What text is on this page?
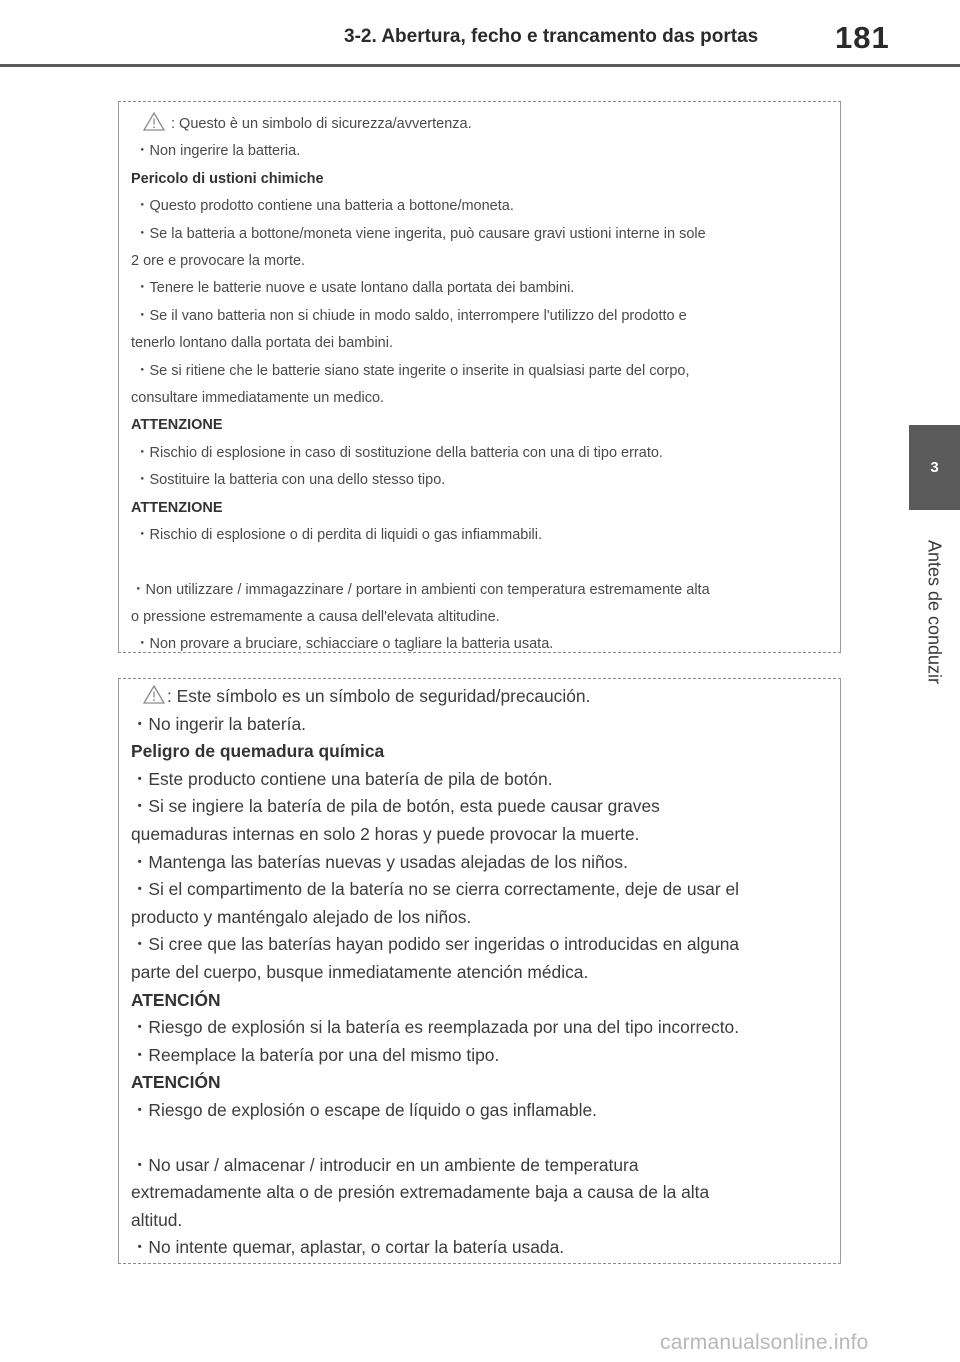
3-2. Abertura, fecho e trancamento das portas 181
3
Antes de conduzir
: Questo è un simbolo di sicurezza/avvertenza.
・Non ingerire la batteria.
Pericolo di ustioni chimiche
・Questo prodotto contiene una batteria a bottone/moneta.
・Se la batteria a bottone/moneta viene ingerita, può causare gravi ustioni interne in sole
2 ore e provocare la morte.
・Tenere le batterie nuove e usate lontano dalla portata dei bambini.
・Se il vano batteria non si chiude in modo saldo, interrompere l'utilizzo del prodotto e
tenerlo lontano dalla portata dei bambini.
・Se si ritiene che le batterie siano state ingerite o inserite in qualsiasi parte del corpo,
consultare immediatamente un medico.
ATTENZIONE
・Rischio di esplosione in caso di sostituzione della batteria con una di tipo errato.
・Sostituire la batteria con una dello stesso tipo.
ATTENZIONE
・Rischio di esplosione o di perdita di liquidi o gas infiammabili.
・Non utilizzare / immagazzinare / portare in ambienti con temperatura estremamente alta
o pressione estremamente a causa dell'elevata altitudine.
・Non provare a bruciare, schiacciare o tagliare la batteria usata.
: Este símbolo es un símbolo de seguridad/precaución.
・No ingerir la batería.
Peligro de quemadura química
・Este producto contiene una batería de pila de botón.
・Si se ingiere la batería de pila de botón, esta puede causar graves
quemaduras internas en solo 2 horas y puede provocar la muerte.
・Mantenga las baterías nuevas y usadas alejadas de los niños.
・Si el compartimento de la batería no se cierra correctamente, deje de usar el
producto y manténgalo alejado de los niños.
・Si cree que las baterías hayan podido ser ingeridas o introducidas en alguna
parte del cuerpo, busque inmediatamente atención médica.
ATENCIÓN
・Riesgo de explosión si la batería es reemplazada por una del tipo incorrecto.
・Reemplace la batería por una del mismo tipo.
ATENCIÓN
・Riesgo de explosión o escape de líquido o gas inflamable.
・No usar / almacenar / introducir en un ambiente de temperatura
extremadamente alta o de presión extremadamente baja a causa de la alta
altitud.
・No intente quemar, aplastar, o cortar la batería usada.
carmanualsonline.info
